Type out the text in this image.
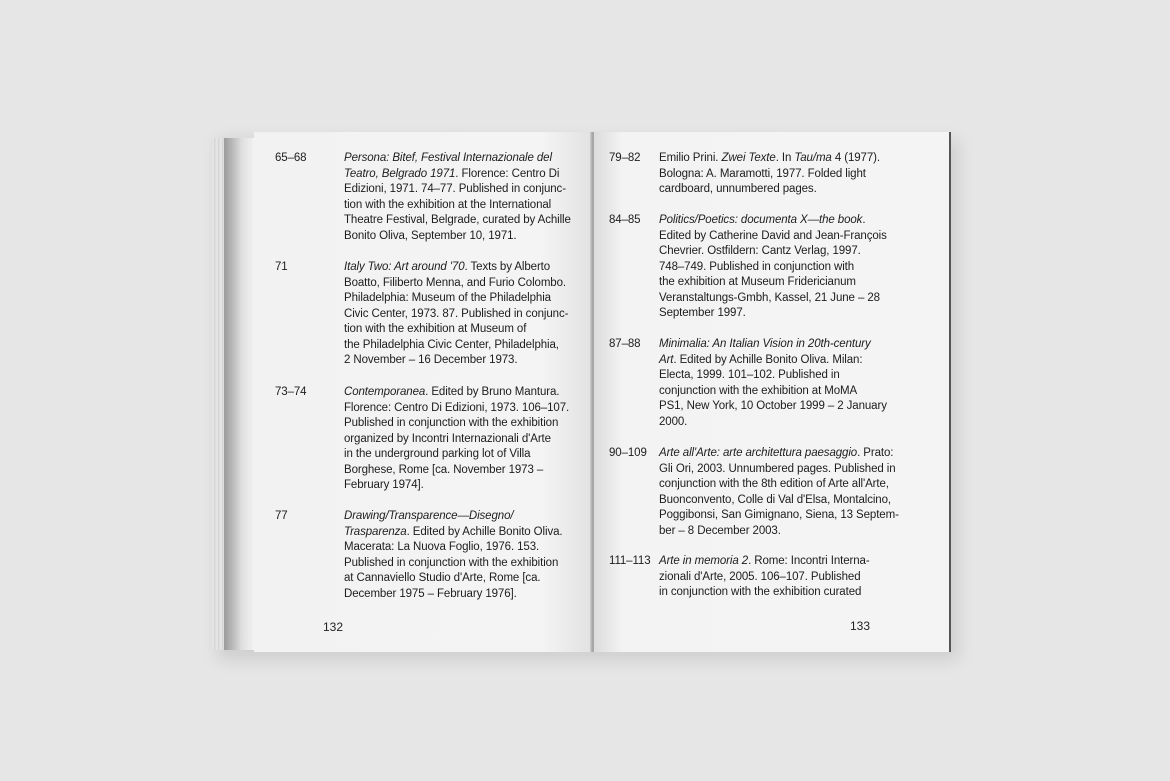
65–68	Persona: Bitef, Festival Internazionale del
Teatro, Belgrado 1971. Florence: Centro Di
Edizioni, 1971. 74–77. Published in conjunc-
tion with the exhibition at the International
Theatre Festival, Belgrade, curated by Achille
Bonito Oliva, September 10, 1971.
71	Italy Two: Art around '70. Texts by Alberto
Boatto, Filiberto Menna, and Furio Colombo.
Philadelphia: Museum of the Philadelphia
Civic Center, 1973. 87. Published in conjunc-
tion with the exhibition at Museum of
the Philadelphia Civic Center, Philadelphia,
2 November – 16 December 1973.
73–74	Contemporanea. Edited by Bruno Mantura.
Florence: Centro Di Edizioni, 1973. 106–107.
Published in conjunction with the exhibition
organized by Incontri Internazionali d'Arte
in the underground parking lot of Villa
Borghese, Rome [ca. November 1973 –
February 1974].
77	Drawing/Transparence—Disegno/
Trasparenza. Edited by Achille Bonito Oliva.
Macerata: La Nuova Foglio, 1976. 153.
Published in conjunction with the exhibition
at Cannaviello Studio d'Arte, Rome [ca.
December 1975 – February 1976].
132
79–82 Emilio Prini. Zwei Texte. In Tau/ma 4 (1977).
Bologna: A. Maramotti, 1977. Folded light
cardboard, unnumbered pages.
84–85 Politics/Poetics: documenta X—the book.
Edited by Catherine David and Jean-François
Chevrier. Ostfildern: Cantz Verlag, 1997.
748–749. Published in conjunction with
the exhibition at Museum Fridericianum
Veranstaltungs-Gmbh, Kassel, 21 June – 28
September 1997.
87–88 Minimalia: An Italian Vision in 20th-century
Art. Edited by Achille Bonito Oliva. Milan:
Electa, 1999. 101–102. Published in
conjunction with the exhibition at MoMA
PS1, New York, 10 October 1999 – 2 January
2000.
90–109 Arte all'Arte: arte architettura paesaggio. Prato:
Gli Ori, 2003. Unnumbered pages. Published in
conjunction with the 8th edition of Arte all'Arte,
Buonconvento, Colle di Val d'Elsa, Montalcino,
Poggibonsi, San Gimignano, Siena, 13 Septem-
ber – 8 December 2003.
111–113 Arte in memoria 2. Rome: Incontri Interna-
zionali d'Arte, 2005. 106–107. Published
in conjunction with the exhibition curated
133
